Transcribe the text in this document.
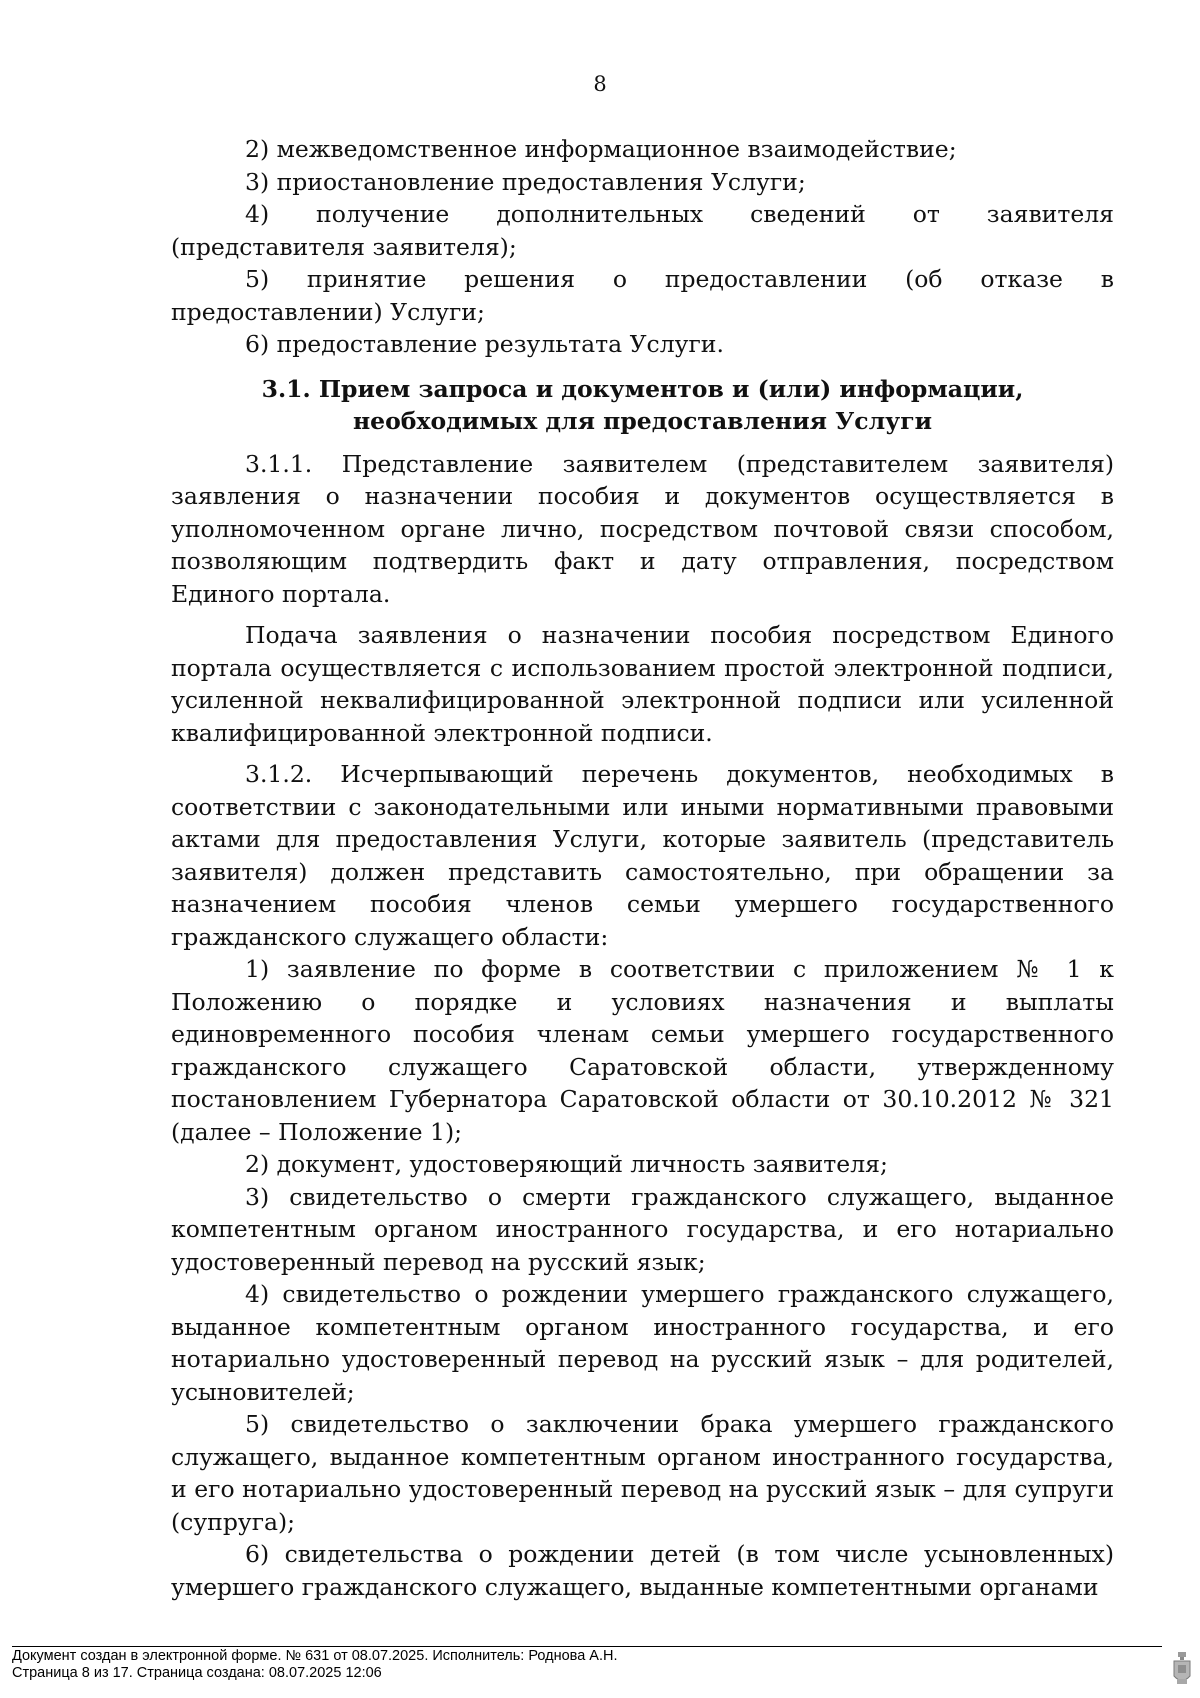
8

2) межведомственное информационное взаимодействие;

3) приостановление предоставления Услуги;

4) получение дополнительных сведений от заявителя (представителя заявителя);

5) принятие решения о предоставлении (об отказе в предоставлении) Услуги;

6) предоставление результата Услуги.

3.1. Прием запроса и документов и (или) информации, необходимых для предоставления Услуги

3.1.1. Представление заявителем (представителем заявителя) заявления о назначении пособия и документов осуществляется в уполномоченном органе лично, посредством почтовой связи способом, позволяющим подтвердить факт и дату отправления, посредством Единого портала.

Подача заявления о назначении пособия посредством Единого портала осуществляется с использованием простой электронной подписи, усиленной неквалифицированной электронной подписи или усиленной квалифицированной электронной подписи.

3.1.2. Исчерпывающий перечень документов, необходимых в соответствии с законодательными или иными нормативными правовыми актами для предоставления Услуги, которые заявитель (представитель заявителя) должен представить самостоятельно, при обращении за назначением пособия членов семьи умершего государственного гражданского служащего области:

1) заявление по форме в соответствии с приложением № 1 к Положению о порядке и условиях назначения и выплаты единовременного пособия членам семьи умершего государственного гражданского служащего Саратовской области, утвержденному постановлением Губернатора Саратовской области от 30.10.2012 № 321 (далее – Положение 1);

2) документ, удостоверяющий личность заявителя;

3) свидетельство о смерти гражданского служащего, выданное компетентным органом иностранного государства, и его нотариально удостоверенный перевод на русский язык;

4) свидетельство о рождении умершего гражданского служащего, выданное компетентным органом иностранного государства, и его нотариально удостоверенный перевод на русский язык – для родителей, усыновителей;

5) свидетельство о заключении брака умершего гражданского служащего, выданное компетентным органом иностранного государства, и его нотариально удостоверенный перевод на русский язык – для супруги (супруга);

6) свидетельства о рождении детей (в том числе усыновленных) умершего гражданского служащего, выданные компетентными органами

Документ создан в электронной форме. № 631 от 08.07.2025. Исполнитель: Роднова А.Н.
Страница 8 из 17. Страница создана: 08.07.2025 12:06
